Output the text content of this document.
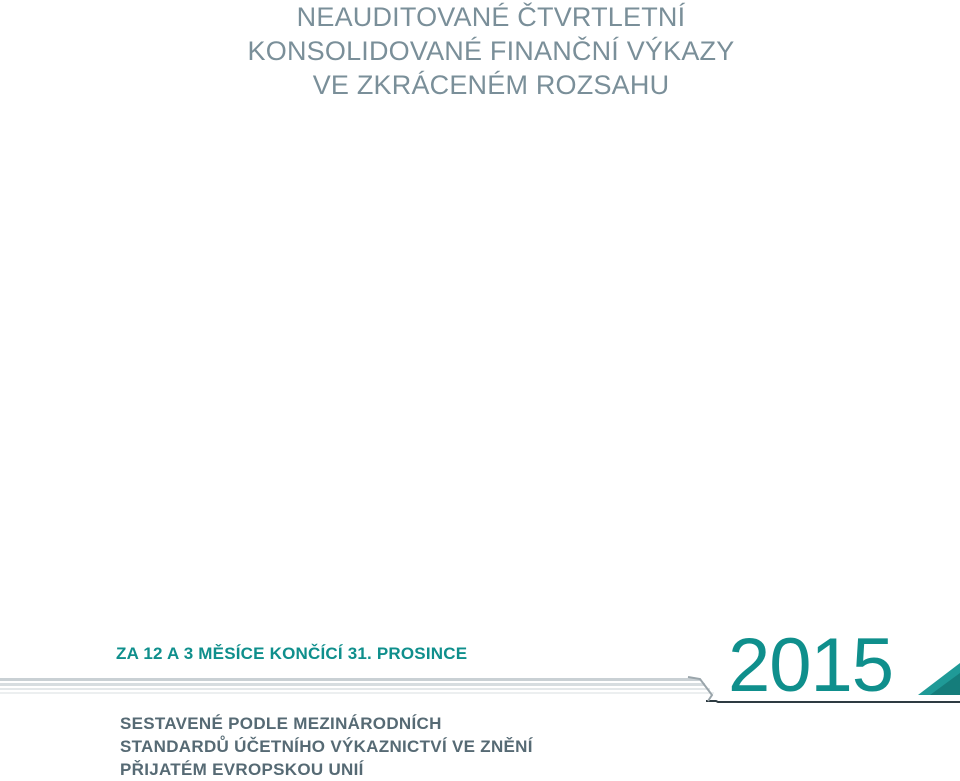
NEAUDITOVANÉ ČTVRTLETNÍ
KONSOLIDOVANÉ FINANČNÍ VÝKAZY
VE ZKRÁCENÉM ROZSAHU
ZA 12 A 3 MĚSÍCE KONČÍCÍ 31. PROSINCE	2015
SESTAVENÉ PODLE MEZINÁRODNÍCH
STANDARDŮ ÚČETNÍHO VÝKAZNICTVÍ VE ZNĚNÍ
PŘIJATÉM EVROPSKOU UNIÍ
